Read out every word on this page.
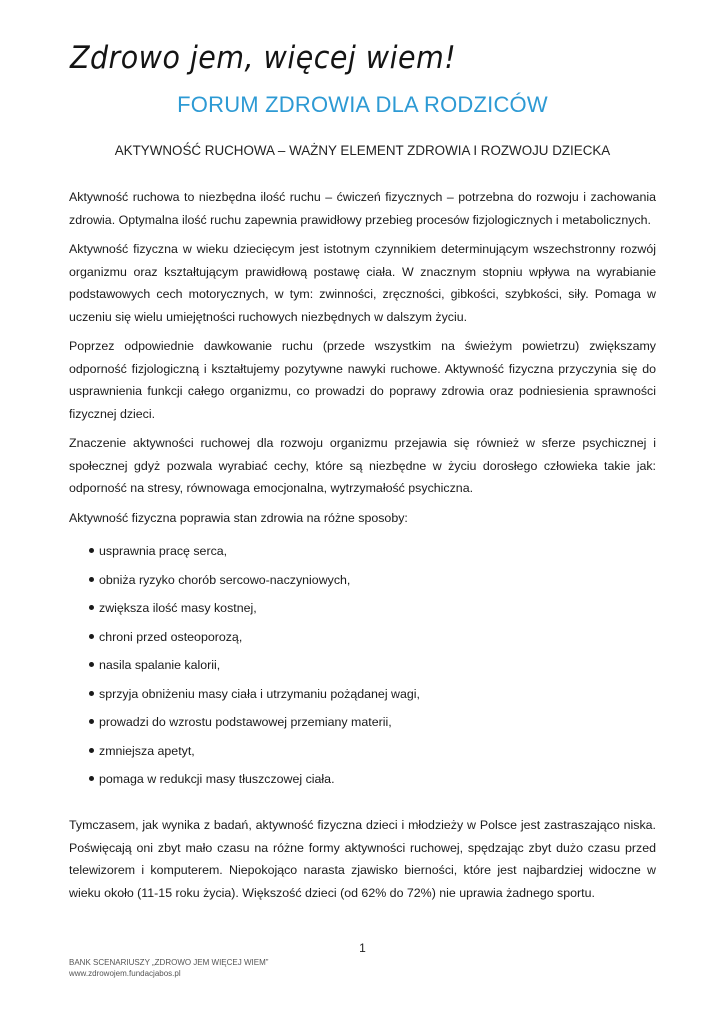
Zdrowo jem, więcej wiem!
FORUM ZDROWIA DLA RODZICÓW
AKTYWNOŚĆ RUCHOWA – WAŻNY ELEMENT ZDROWIA I ROZWOJU DZIECKA

Aktywność ruchowa to niezbędna ilość ruchu – ćwiczeń fizycznych – potrzebna do rozwoju i zachowania zdrowia. Optymalna ilość ruchu zapewnia prawidłowy przebieg procesów fizjologicznych i metabolicznych.

Aktywność fizyczna w wieku dziecięcym jest istotnym czynnikiem determinującym wszechstronny rozwój organizmu oraz kształtującym prawidłową postawę ciała. W znacznym stopniu wpływa na wyrabianie podstawowych cech motorycznych, w tym: zwinności, zręczności, gibkości, szybkości, siły. Pomaga w uczeniu się wielu umiejętności ruchowych niezbędnych w dalszym życiu.

Poprzez odpowiednie dawkowanie ruchu (przede wszystkim na świeżym powietrzu) zwiększamy odporność fizjologiczną i kształtujemy pozytywne nawyki ruchowe. Aktywność fizyczna przyczynia się do usprawnienia funkcji całego organizmu, co prowadzi do poprawy zdrowia oraz podniesienia sprawności fizycznej dzieci.

Znaczenie aktywności ruchowej dla rozwoju organizmu przejawia się również w sferze psychicznej i społecznej gdyż pozwala wyrabiać cechy, które są niezbędne w życiu dorosłego człowieka takie jak: odporność na stresy, równowaga emocjonalna, wytrzymałość psychiczna.

Aktywność fizyczna poprawia stan zdrowia na różne sposoby:

usprawnia pracę serca,
obniża ryzyko chorób sercowo-naczyniowych,
zwiększa ilość masy kostnej,
chroni przed osteoporozą,
nasila spalanie kalorii,
sprzyja obniżeniu masy ciała i utrzymaniu pożądanej wagi,
prowadzi do wzrostu podstawowej przemiany materii,
zmniejsza apetyt,
pomaga w redukcji masy tłuszczowej ciała.

Tymczasem, jak wynika z badań, aktywność fizyczna dzieci i młodzieży w Polsce jest zastraszająco niska. Poświęcają oni zbyt mało czasu na różne formy aktywności ruchowej, spędzając zbyt dużo czasu przed telewizorem i komputerem. Niepokojąco narasta zjawisko bierności, które jest najbardziej widoczne w wieku około (11-15 roku życia). Większość dzieci (od 62% do 72%) nie uprawia żadnego sportu.

1
BANK SCENARIUSZY „ZDROWO JEM WIĘCEJ WIEM”
www.zdrowojem.fundacjabos.pl
